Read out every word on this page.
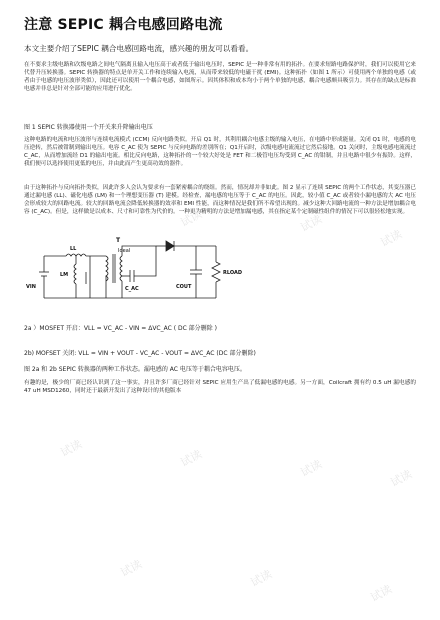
注意 SEPIC 耦合电感回路电流

本文主要介绍了SEPIC 耦合电感回路电流，感兴趣的朋友可以看看。

在不要求主级电路和次级电路之间电气隔离且输入电压高于或者低于输出电压时，SEPIC 是一种非常有用的拓扑。在要求短路电路保护时，我们可以使用它来代替升压转换器。SEPIC 转换器的特点是单开关工作和连续输入电流，从而带来较低的电磁干扰 (EMI)。这种拓扑（如图 1 所示）可使用两个单独的电感（或者由于电感的电压波形类似），因此还可以使用一个耦合电感，如图所示。因其体积和成本均小于两个单独的电感，耦合电感颇具吸引力。其存在的缺点是标准电感并非总是针对全部可能的应用进行优化。

图 1 SEPIC 转换器使用一个开关来升降输出电压

这种电路的电流和电压波形与连续电流模式 (CCM) 反向电路类似。开启 Q1 时，其利用耦合电感主级的输入电压，在电路中形成能量。关闭 Q1 时，电感的电压逆转，然后被钳制到输出电压。电容 C_AC 使为 SEPIC 与反向电路的差别所在；Q1开启时，次级电感电流流过它然后接地。Q1 关闭时，主级电感电流流过C_AC，从而增加流经 D1 的输出电流。相比反向电路，这种拓扑的一个较大好处是 FET 和二极管电压均受到 C_AC 的钳制，并且电路中很少有振铃。这样，我们便可以选择使用更低的电压，并由此而产生更高功效的器件。

由于这种拓扑与反向拓扑类似，因此许多人会认为要求有一套紧密耦合的绕组。然而，情况却并非如此。图 2 显示了连续 SEPIC 的两个工作状态，其变压器已通过漏电感 (LL)、磁化电感 (LM) 和一个理想变压器 (T) 建模。经检查，漏电感的电压等于 C_AC 的电压。因此，较小值 C_AC 或者较小漏电感的大 AC 电压会形成较大的回路电流。较大的回路电流会降低转换器的效率和 EMI 性能，而这种情况是我们所不希望出现的。减少这种大回路电流的一种方法是增加耦合电容 (C_AC)。但是，这样做是以成本、尺寸和可靠性为代价的。一种更为精明的方法是增加漏电感，其在指定某个定制磁性组件的情况下可以很轻松地实现。

T
Ideal
LL
LM
C_AC
VIN	COUT
RLOAD

2a ）MOSFET 开启：VLL = VC_AC - VIN = ΔVC_AC ( DC 部分删除 )

2b) MOFSET 关闭: VLL = VIN + VOUT - VC_AC - VOUT = ΔVC_AC (DC 部分删除)

图 2a 和 2b SEPIC 转换器的两种工作状态。漏电感的 AC 电压等于耦合电容电压。

有趣的是，极少的厂商已经认识到了这一事实，并且许多厂商已经针对 SEPIC 应用生产出了低漏电感的电感。另一方面，Coilcraft 拥有约 0.5 uH 漏电感的 47 uH MSD1260，同时还于最新开发出了这种设计的其他版本

试读	试读
试读
试读	试读	试读	试读
试读	试读
试读
